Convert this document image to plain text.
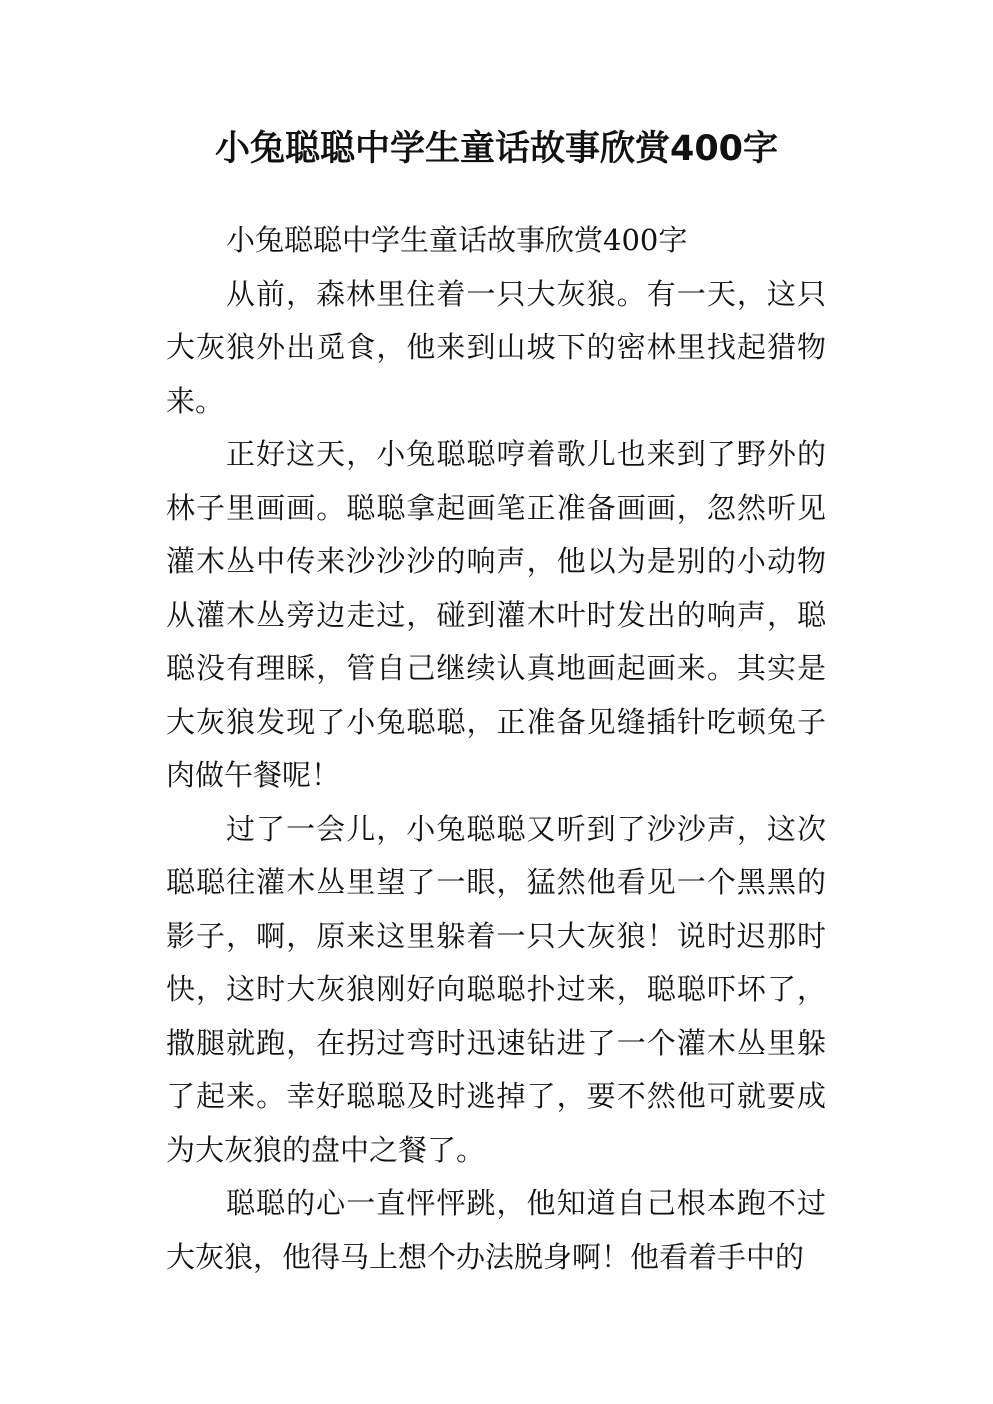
小兔聪聪中学生童话故事欣赏400字

小兔聪聪中学生童话故事欣赏400字

从前，森林里住着一只大灰狼。有一天，这只大灰狼外出觅食，他来到山坡下的密林里找起猎物来。

正好这天，小兔聪聪哼着歌儿也来到了野外的林子里画画。聪聪拿起画笔正准备画画，忽然听见灌木丛中传来沙沙沙的响声，他以为是别的小动物从灌木丛旁边走过，碰到灌木叶时发出的响声，聪聪没有理睬，管自己继续认真地画起画来。其实是大灰狼发现了小兔聪聪，正准备见缝插针吃顿兔子肉做午餐呢！

过了一会儿，小兔聪聪又听到了沙沙声，这次聪聪往灌木丛里望了一眼，猛然他看见一个黑黑的影子，啊，原来这里躲着一只大灰狼！说时迟那时快，这时大灰狼刚好向聪聪扑过来，聪聪吓坏了，撒腿就跑，在拐过弯时迅速钻进了一个灌木丛里躲了起来。幸好聪聪及时逃掉了，要不然他可就要成为大灰狼的盘中之餐了。

聪聪的心一直怦怦跳，他知道自己根本跑不过大灰狼，他得马上想个办法脱身啊！他看着手中的
